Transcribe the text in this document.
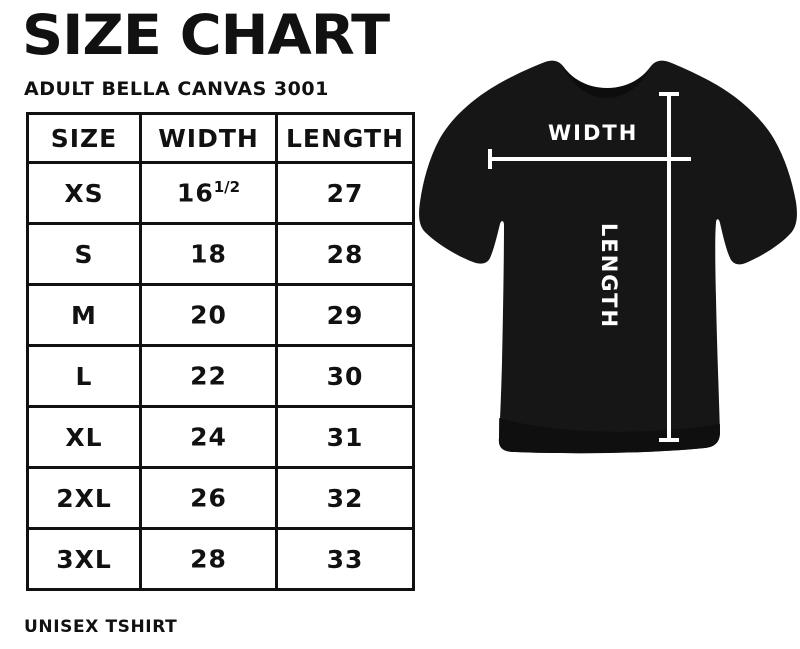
SIZE CHART
ADULT BELLA CANVAS 3001
SIZE	WIDTH	LENGTH
XS	$16^{1/2}$	27
S	18	28
M	20	29
L	22	30
XL	24	31
2XL	26	32
3XL	28	33
UNISEX TSHIRT
WIDTH
LENGTH
